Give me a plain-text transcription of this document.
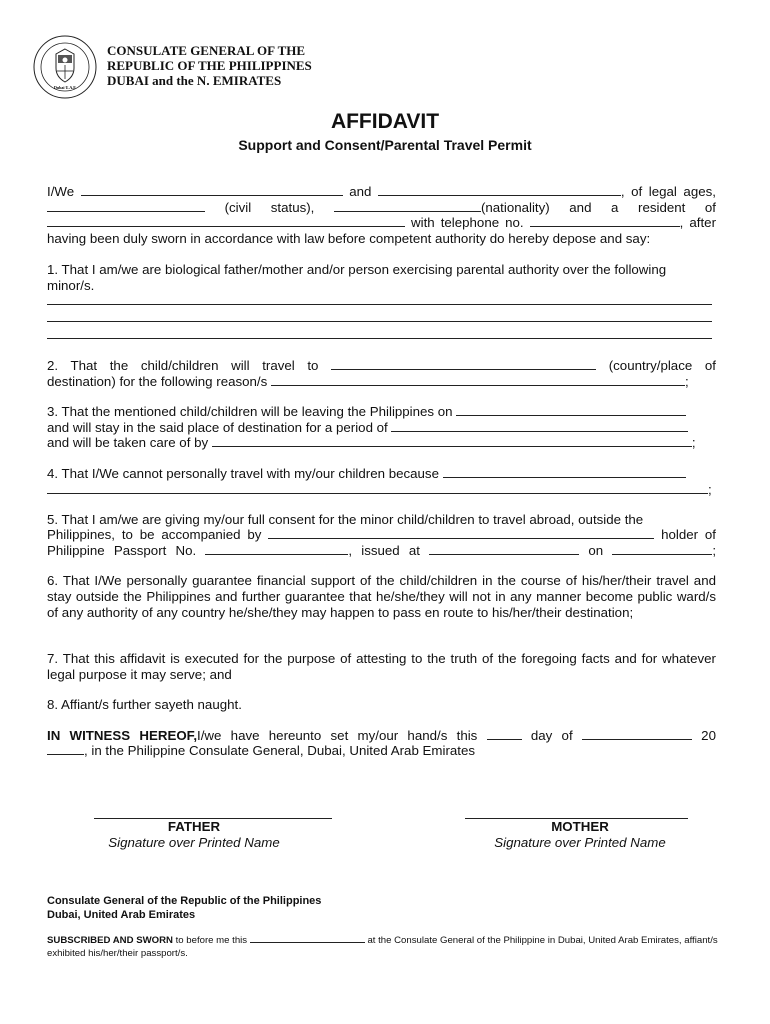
Dubai U.A.E
CONSULATE GENERAL OF THE
REPUBLIC OF THE PHILIPPINES
DUBAI and the N. EMIRATES
AFFIDAVIT
Support and Consent/Parental Travel Permit
I/We	and	, of legal ages,
(civil status),	(nationality) and a resident of
with telephone no.	, after
having been duly sworn in accordance with law before competent authority do hereby depose and say:
1. That I am/we are biological father/mother and/or person exercising parental authority over the following minor/s.
2. That the child/children will travel to	(country/place of
destination) for the following reason/s	;
3. That the mentioned child/children will be leaving the Philippines on
and will stay in the said place of destination for a period of
and will be taken care of by	;
4. That I/We cannot personally travel with my/our children because
;
5. That I am/we are giving my/our full consent for the minor child/children to travel abroad, outside the
Philippines, to be accompanied by	holder of
Philippine Passport No.	, issued at	on	;
6. That I/We personally guarantee financial support of the child/children in the course of his/her/their travel and stay outside the Philippines and further guarantee that he/she/they will not in any manner become public ward/s of any authority of any country he/she/they may happen to pass en route to his/her/their destination;
7. That this affidavit is executed for the purpose of attesting to the truth of the foregoing facts and for whatever legal purpose it may serve; and
8. Affiant/s further sayeth naught.
IN WITNESS HEREOF,I/we have hereunto set my/our hand/s this	day of	20
, in the Philippine Consulate General, Dubai, United Arab Emirates
FATHER
Signature over Printed Name
MOTHER
Signature over Printed Name
Consulate General of the Republic of the Philippines
Dubai, United Arab Emirates
SUBSCRIBED AND SWORN to before me this	at the Consulate General of the Philippine in Dubai, United Arab Emirates, affiant/s exhibited his/her/their passport/s.
